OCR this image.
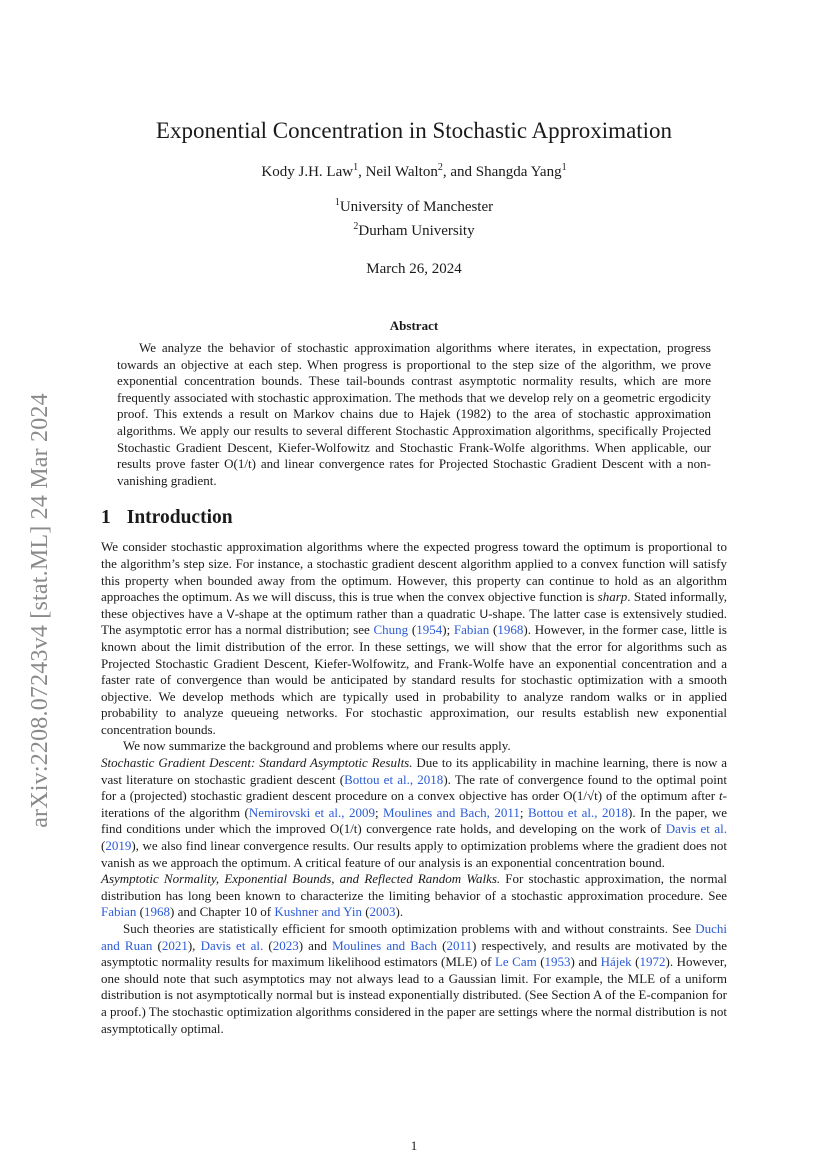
arXiv:2208.07243v4 [stat.ML] 24 Mar 2024
Exponential Concentration in Stochastic Approximation
Kody J.H. Law$^1$, Neil Walton$^2$, and Shangda Yang$^1$
$^1$University of Manchester
$^2$Durham University
March 26, 2024
Abstract
We analyze the behavior of stochastic approximation algorithms where iterates, in expectation, progress towards an objective at each step. When progress is proportional to the step size of the algorithm, we prove exponential concentration bounds. These tail-bounds contrast asymptotic normality results, which are more frequently associated with stochastic approximation. The methods that we develop rely on a geometric ergodicity proof. This extends a result on Markov chains due to Hajek (1982) to the area of stochastic approximation algorithms. We apply our results to several different Stochastic Approximation algorithms, specifically Projected Stochastic Gradient Descent, Kiefer-Wolfowitz and Stochastic Frank-Wolfe algorithms. When applicable, our results prove faster O(1/t) and linear convergence rates for Projected Stochastic Gradient Descent with a non-vanishing gradient.
1 Introduction

We consider stochastic approximation algorithms where the expected progress toward the optimum is proportional to the algorithm’s step size. For instance, a stochastic gradient descent algorithm applied to a convex function will satisfy this property when bounded away from the optimum. However, this property can continue to hold as an algorithm approaches the optimum. As we will discuss, this is true when the convex objective function is sharp. Stated informally, these objectives have a V-shape at the optimum rather than a quadratic U-shape. The latter case is extensively studied. The asymptotic error has a normal distribution; see Chung (1954); Fabian (1968). However, in the former case, little is known about the limit distribution of the error. In these settings, we will show that the error for algorithms such as Projected Stochastic Gradient Descent, Kiefer-Wolfowitz, and Frank-Wolfe have an exponential concentration and a faster rate of convergence than would be anticipated by standard results for stochastic optimization with a smooth objective. We develop methods which are typically used in probability to analyze random walks or in applied probability to analyze queueing networks. For stochastic approximation, our results establish new exponential concentration bounds.

We now summarize the background and problems where our results apply.

Stochastic Gradient Descent: Standard Asymptotic Results. Due to its applicability in machine learning, there is now a vast literature on stochastic gradient descent (Bottou et al., 2018). The rate of convergence found to the optimal point for a (projected) stochastic gradient descent procedure on a convex objective has order O(1/√t) of the optimum after t-iterations of the algorithm (Nemirovski et al., 2009; Moulines and Bach, 2011; Bottou et al., 2018). In the paper, we find conditions under which the improved O(1/t) convergence rate holds, and developing on the work of Davis et al. (2019), we also find linear convergence results. Our results apply to optimization problems where the gradient does not vanish as we approach the optimum. A critical feature of our analysis is an exponential concentration bound.

Asymptotic Normality, Exponential Bounds, and Reflected Random Walks. For stochastic approximation, the normal distribution has long been known to characterize the limiting behavior of a stochastic approximation procedure. See Fabian (1968) and Chapter 10 of Kushner and Yin (2003).

Such theories are statistically efficient for smooth optimization problems with and without constraints. See Duchi and Ruan (2021), Davis et al. (2023) and Moulines and Bach (2011) respectively, and results are motivated by the asymptotic normality results for maximum likelihood estimators (MLE) of Le Cam (1953) and Hájek (1972). However, one should note that such asymptotics may not always lead to a Gaussian limit. For example, the MLE of a uniform distribution is not asymptotically normal but is instead exponentially distributed. (See Section A of the E-companion for a proof.) The stochastic optimization algorithms considered in the paper are settings where the normal distribution is not asymptotically optimal.

1
